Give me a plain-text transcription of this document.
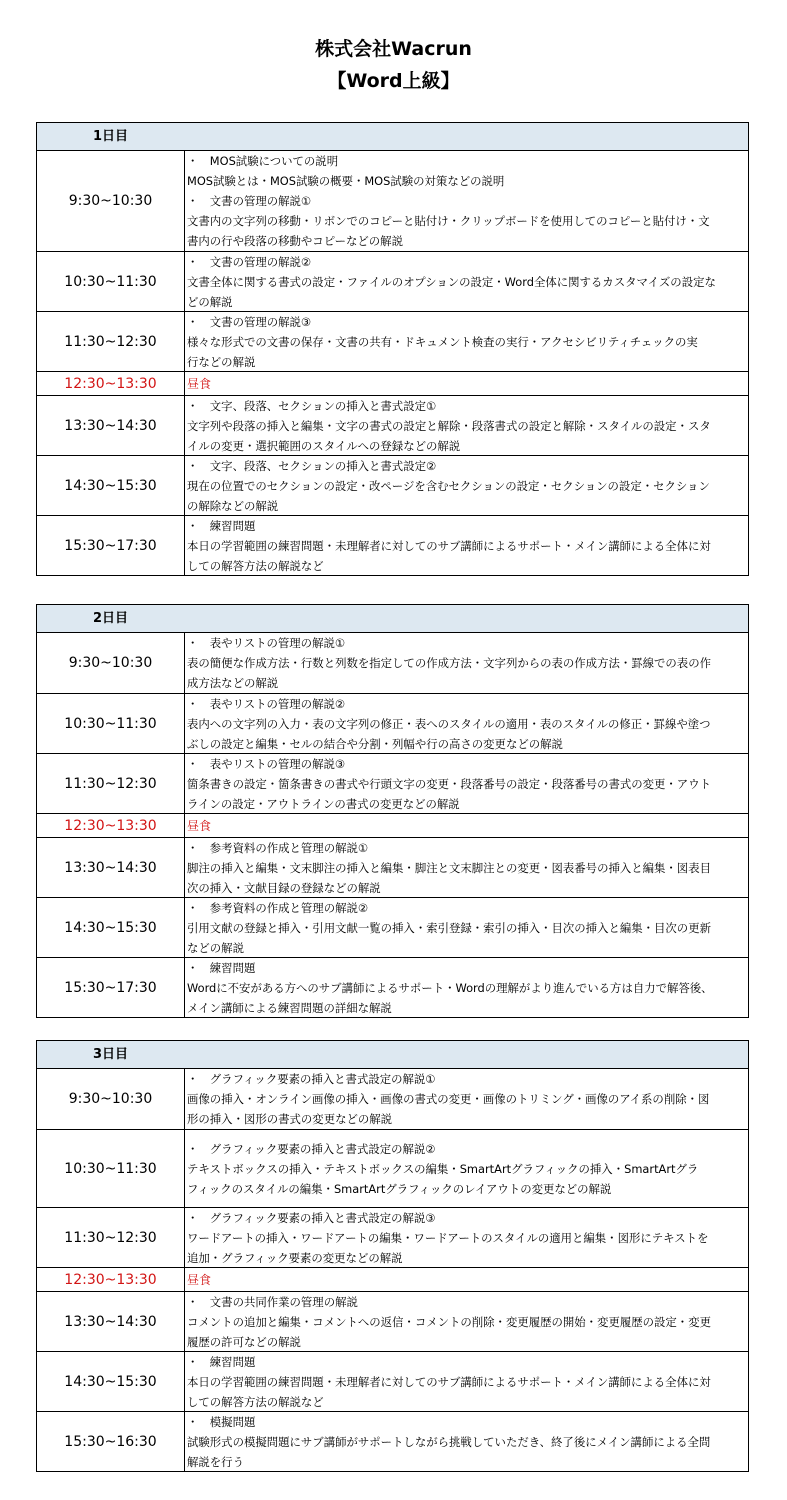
株式会社Wacrun
【Word上級】
1日目
9:30~10:30
・　MOS試験についての説明
MOS試験とは・MOS試験の概要・MOS試験の対策などの説明
・　文書の管理の解説①
文書内の文字列の移動・リボンでのコピーと貼付け・クリップボードを使用してのコピーと貼付け・文
書内の行や段落の移動やコピーなどの解説
10:30~11:30
・　文書の管理の解説②
文書全体に関する書式の設定・ファイルのオプションの設定・Word全体に関するカスタマイズの設定な
どの解説
11:30~12:30
・　文書の管理の解説③
様々な形式での文書の保存・文書の共有・ドキュメント検査の実行・アクセシビリティチェックの実
行などの解説
12:30~13:30	昼食
13:30~14:30
・　文字、段落、セクションの挿入と書式設定①
文字列や段落の挿入と編集・文字の書式の設定と解除・段落書式の設定と解除・スタイルの設定・スタ
イルの変更・選択範囲のスタイルへの登録などの解説
14:30~15:30
・　文字、段落、セクションの挿入と書式設定②
現在の位置でのセクションの設定・改ページを含むセクションの設定・セクションの設定・セクション
の解除などの解説
15:30~17:30
・　練習問題
本日の学習範囲の練習問題・未理解者に対してのサブ講師によるサポート・メイン講師による全体に対
しての解答方法の解説など
2日目
9:30~10:30
・　表やリストの管理の解説①
表の簡便な作成方法・行数と列数を指定しての作成方法・文字列からの表の作成方法・罫線での表の作
成方法などの解説
10:30~11:30
・　表やリストの管理の解説②
表内への文字列の入力・表の文字列の修正・表へのスタイルの適用・表のスタイルの修正・罫線や塗つ
ぶしの設定と編集・セルの結合や分割・列幅や行の高さの変更などの解説
11:30~12:30
・　表やリストの管理の解説③
箇条書きの設定・箇条書きの書式や行頭文字の変更・段落番号の設定・段落番号の書式の変更・アウト
ラインの設定・アウトラインの書式の変更などの解説
12:30~13:30	昼食
13:30~14:30
・　参考資料の作成と管理の解説①
脚注の挿入と編集・文末脚注の挿入と編集・脚注と文末脚注との変更・図表番号の挿入と編集・図表目
次の挿入・文献目録の登録などの解説
14:30~15:30
・　参考資料の作成と管理の解説②
引用文献の登録と挿入・引用文献一覧の挿入・索引登録・索引の挿入・目次の挿入と編集・目次の更新
などの解説
15:30~17:30
・　練習問題
Wordに不安がある方へのサブ講師によるサポート・Wordの理解がより進んでいる方は自力で解答後、
メイン講師による練習問題の詳細な解説
3日目
9:30~10:30
・　グラフィック要素の挿入と書式設定の解説①
画像の挿入・オンライン画像の挿入・画像の書式の変更・画像のトリミング・画像のアイ系の削除・図
形の挿入・図形の書式の変更などの解説
10:30~11:30
・　グラフィック要素の挿入と書式設定の解説②
テキストボックスの挿入・テキストボックスの編集・SmartArtグラフィックの挿入・SmartArtグラ
フィックのスタイルの編集・SmartArtグラフィックのレイアウトの変更などの解説
11:30~12:30
・　グラフィック要素の挿入と書式設定の解説③
ワードアートの挿入・ワードアートの編集・ワードアートのスタイルの適用と編集・図形にテキストを
追加・グラフィック要素の変更などの解説
12:30~13:30	昼食
13:30~14:30
・　文書の共同作業の管理の解説
コメントの追加と編集・コメントへの返信・コメントの削除・変更履歴の開始・変更履歴の設定・変更
履歴の許可などの解説
14:30~15:30
・　練習問題
本日の学習範囲の練習問題・未理解者に対してのサブ講師によるサポート・メイン講師による全体に対
しての解答方法の解説など
15:30~16:30
・　模擬問題
試験形式の模擬問題にサブ講師がサポートしながら挑戦していただき、終了後にメイン講師による全問
解説を行う
